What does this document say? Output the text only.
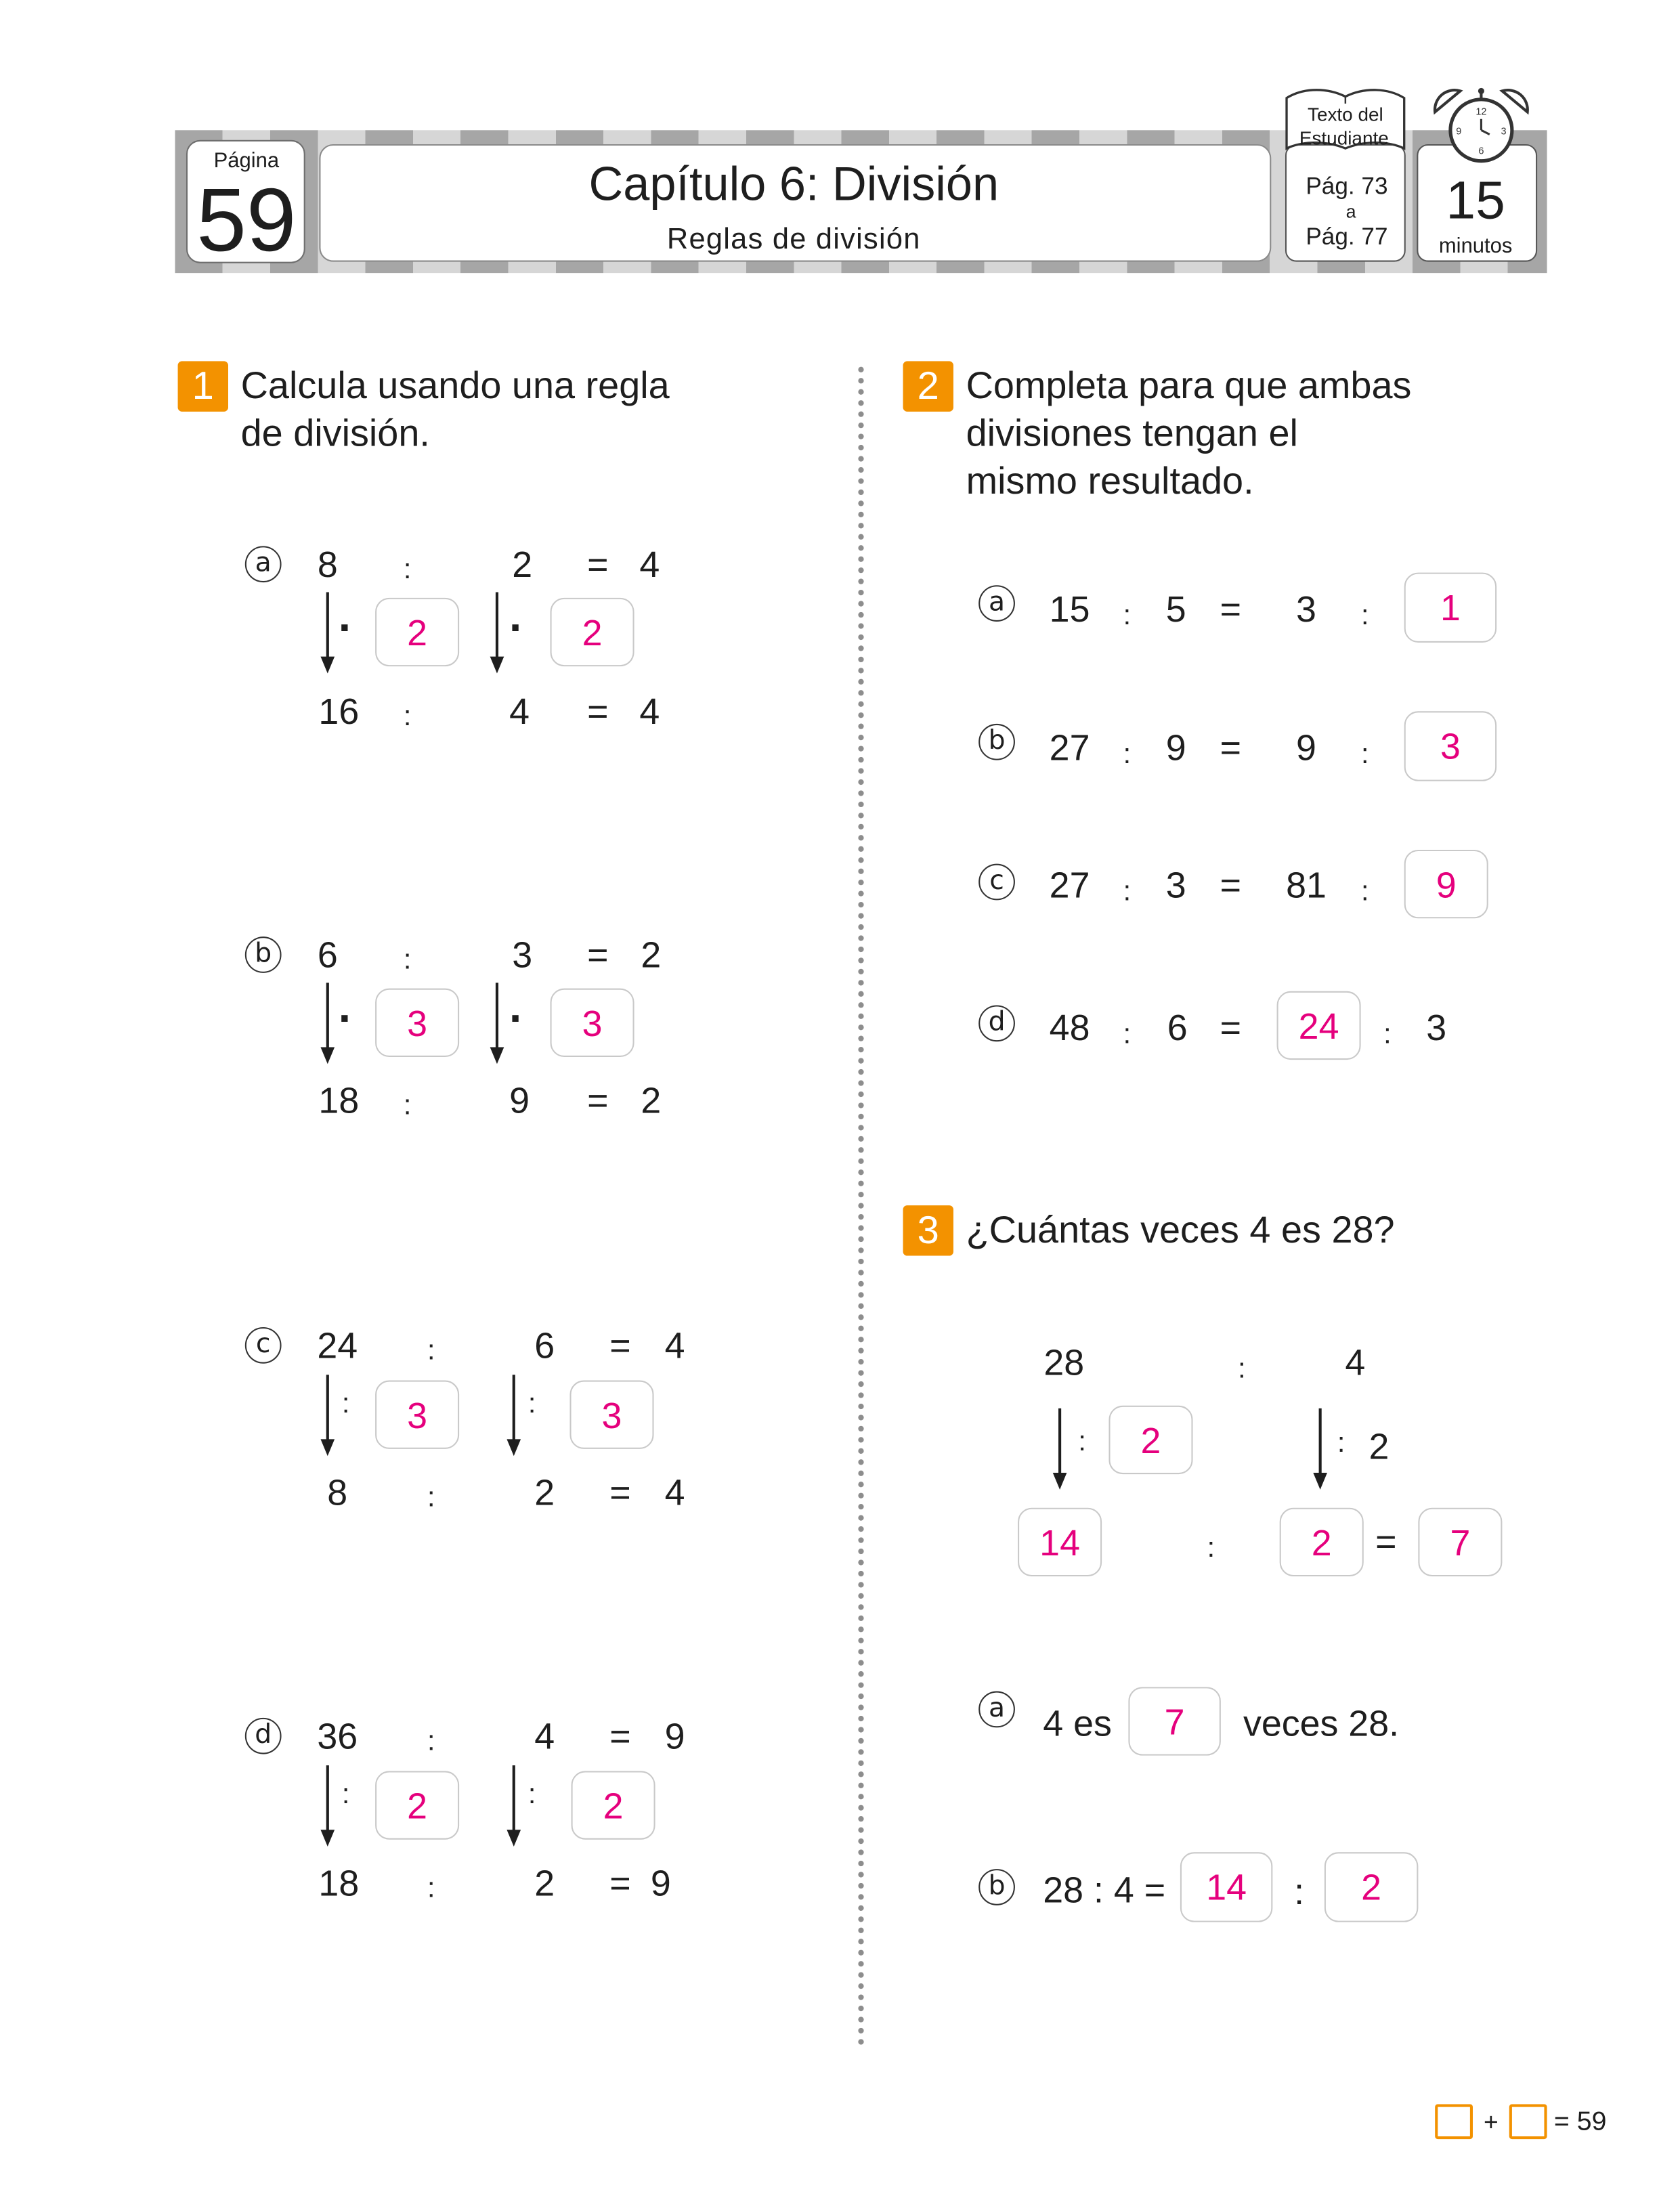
Página
59	Capítulo 6: División
Reglas de división
Texto del
Estudiante
Pág. 73
a
Pág. 77
12
3
6
9
15
minutos
1	Calcula usando una regla
de división.
a	8	:	2	= 4
·	2	·	2
16	:	4	= 4
b	6	:	3	= 2
·	3	·	3
18	:	9	= 2
c	24	:	6	= 4
:	3	:	3
8	:	2	= 4
d	36	:	4	= 9
:	2	:	2
18	:	2	= 9
2	Completa para que ambas
divisiones tengan el
mismo resultado.
a	15 : 5 =	3	:	1
b	27 : 9 =	9	:	3
c	27 : 3 =	81	:	9
d	48 : 6 =	24	: 3
3	¿Cuántas veces 4 es 28?
28	:	4
:	2	: 2
14	:	2	=	7
a	4 es	7	veces 28.
b	28 : 4 =	14	:	2
+	= 59
